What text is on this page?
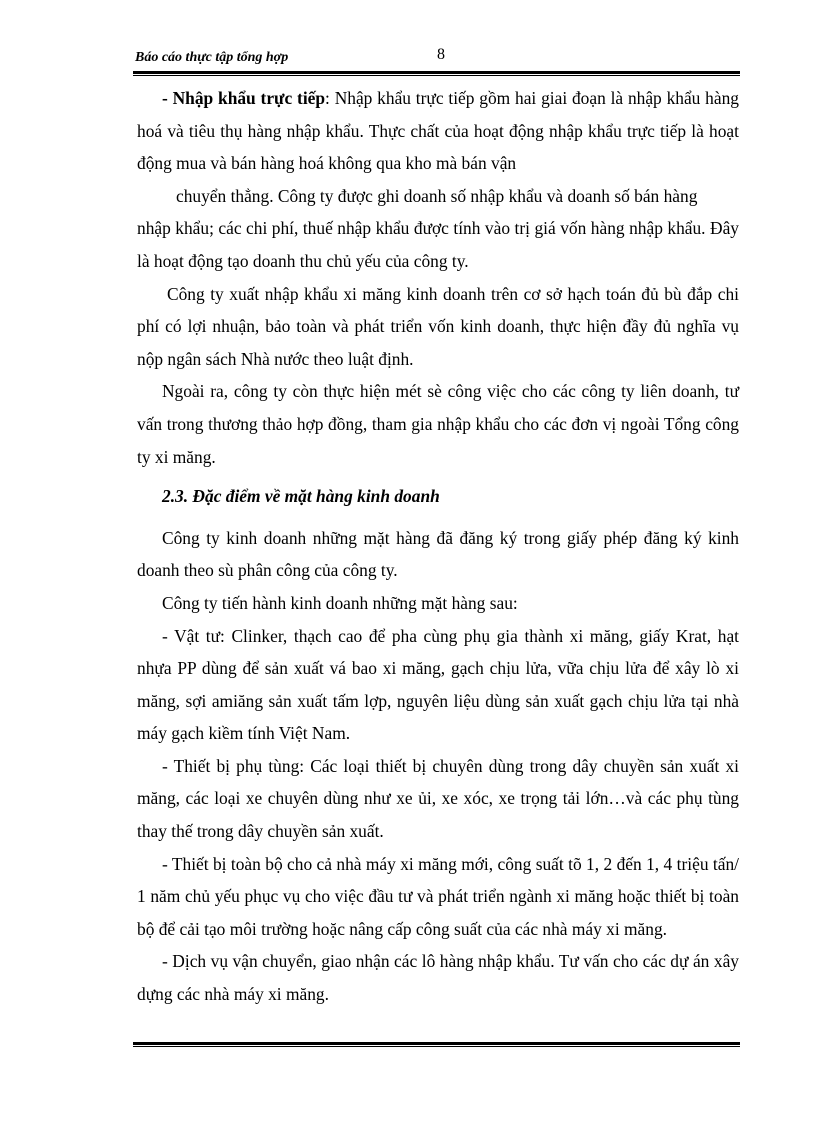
Báo cáo thực tập tổng hợp	8

- Nhập khẩu trực tiếp: Nhập khẩu trực tiếp gồm hai giai đoạn là nhập khẩu hàng hoá và tiêu thụ hàng nhập khẩu. Thực chất của hoạt động nhập khẩu trực tiếp là hoạt động mua và bán hàng hoá không qua kho mà bán vận
chuyển thẳng. Công ty được ghi doanh số nhập khẩu và doanh số bán hàng

nhập khẩu; các chi phí, thuế nhập khẩu được tính vào trị giá vốn hàng nhập khẩu. Đây là hoạt động tạo doanh thu chủ yếu của công ty.

Công ty xuất nhập khẩu xi măng kinh doanh trên cơ sở hạch toán đủ bù đắp chi phí có lợi nhuận, bảo toàn và phát triển vốn kinh doanh, thực hiện đầy đủ nghĩa vụ nộp ngân sách Nhà nước theo luật định.

Ngoài ra, công ty còn thực hiện mét sè công việc cho các công ty liên doanh, tư vấn trong thương thảo hợp đồng, tham gia nhập khẩu cho các đơn vị ngoài Tổng công ty xi măng.

2.3. Đặc điểm về mặt hàng kinh doanh

Công ty kinh doanh những mặt hàng đã đăng ký trong giấy phép đăng ký kinh doanh theo sù phân công của công ty.

Công ty tiến hành kinh doanh những mặt hàng sau:

- Vật tư: Clinker, thạch cao để pha cùng phụ gia thành xi măng, giấy Krat, hạt nhựa PP dùng để sản xuất vá bao xi măng, gạch chịu lửa, vữa chịu lửa để xây lò xi măng, sợi amiăng sản xuất tấm lợp, nguyên liệu dùng sản xuất gạch chịu lửa tại nhà máy gạch kiềm tính Việt Nam.

- Thiết bị phụ tùng: Các loại thiết bị chuyên dùng trong dây chuyền sản xuất xi măng, các loại xe chuyên dùng như xe ủi, xe xóc, xe trọng tải lớn…và các phụ tùng thay thế trong dây chuyền sản xuất.

- Thiết bị toàn bộ cho cả nhà máy xi măng mới, công suất tõ 1, 2 đến 1, 4 triệu tấn/ 1 năm chủ yếu phục vụ cho việc đầu tư và phát triển ngành xi măng hoặc thiết bị toàn bộ để cải tạo môi trường hoặc nâng cấp công suất của các nhà máy xi măng.

- Dịch vụ vận chuyển, giao nhận các lô hàng nhập khẩu. Tư vấn cho các dự án xây dựng các nhà máy xi măng.
